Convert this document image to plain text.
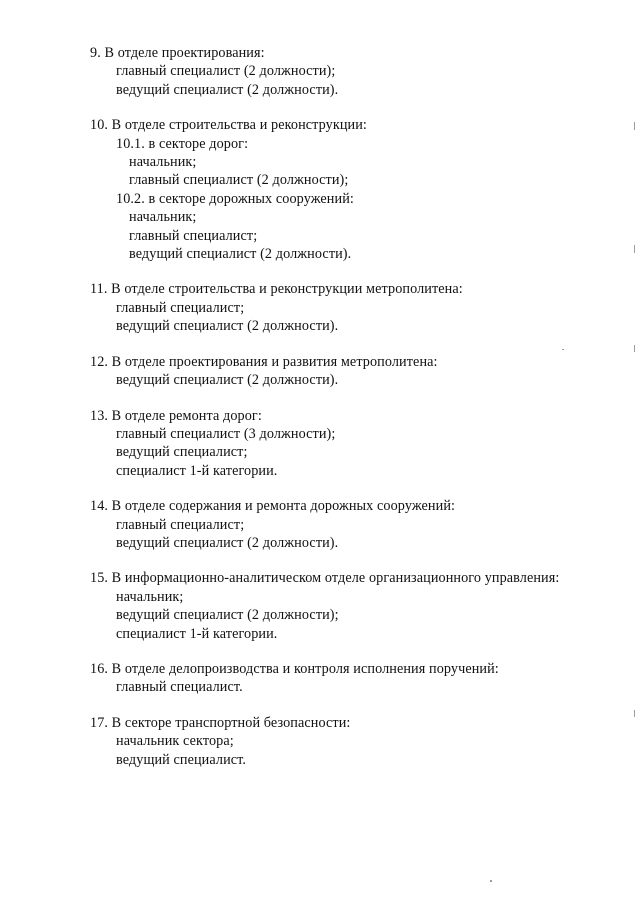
9. В отделе проектирования:
главный специалист (2 должности);
ведущий специалист (2 должности).
10. В отделе строительства и реконструкции:
10.1. в секторе дорог:
начальник;
главный специалист (2 должности);
10.2. в секторе дорожных сооружений:
начальник;
главный специалист;
ведущий специалист (2 должности).
11. В отделе строительства и реконструкции метрополитена:
главный специалист;
ведущий специалист (2 должности).
12. В отделе проектирования и развития метрополитена:
ведущий специалист (2 должности).
13. В отделе ремонта дорог:
главный специалист (3 должности);
ведущий специалист;
специалист 1-й категории.
14. В отделе содержания и ремонта дорожных сооружений:
главный специалист;
ведущий специалист (2 должности).
15. В информационно-аналитическом отделе организационного управления:
начальник;
ведущий специалист (2 должности);
специалист 1-й категории.
16. В отделе делопроизводства и контроля исполнения поручений:
главный специалист.
17. В секторе транспортной безопасности:
начальник сектора;
ведущий специалист.
